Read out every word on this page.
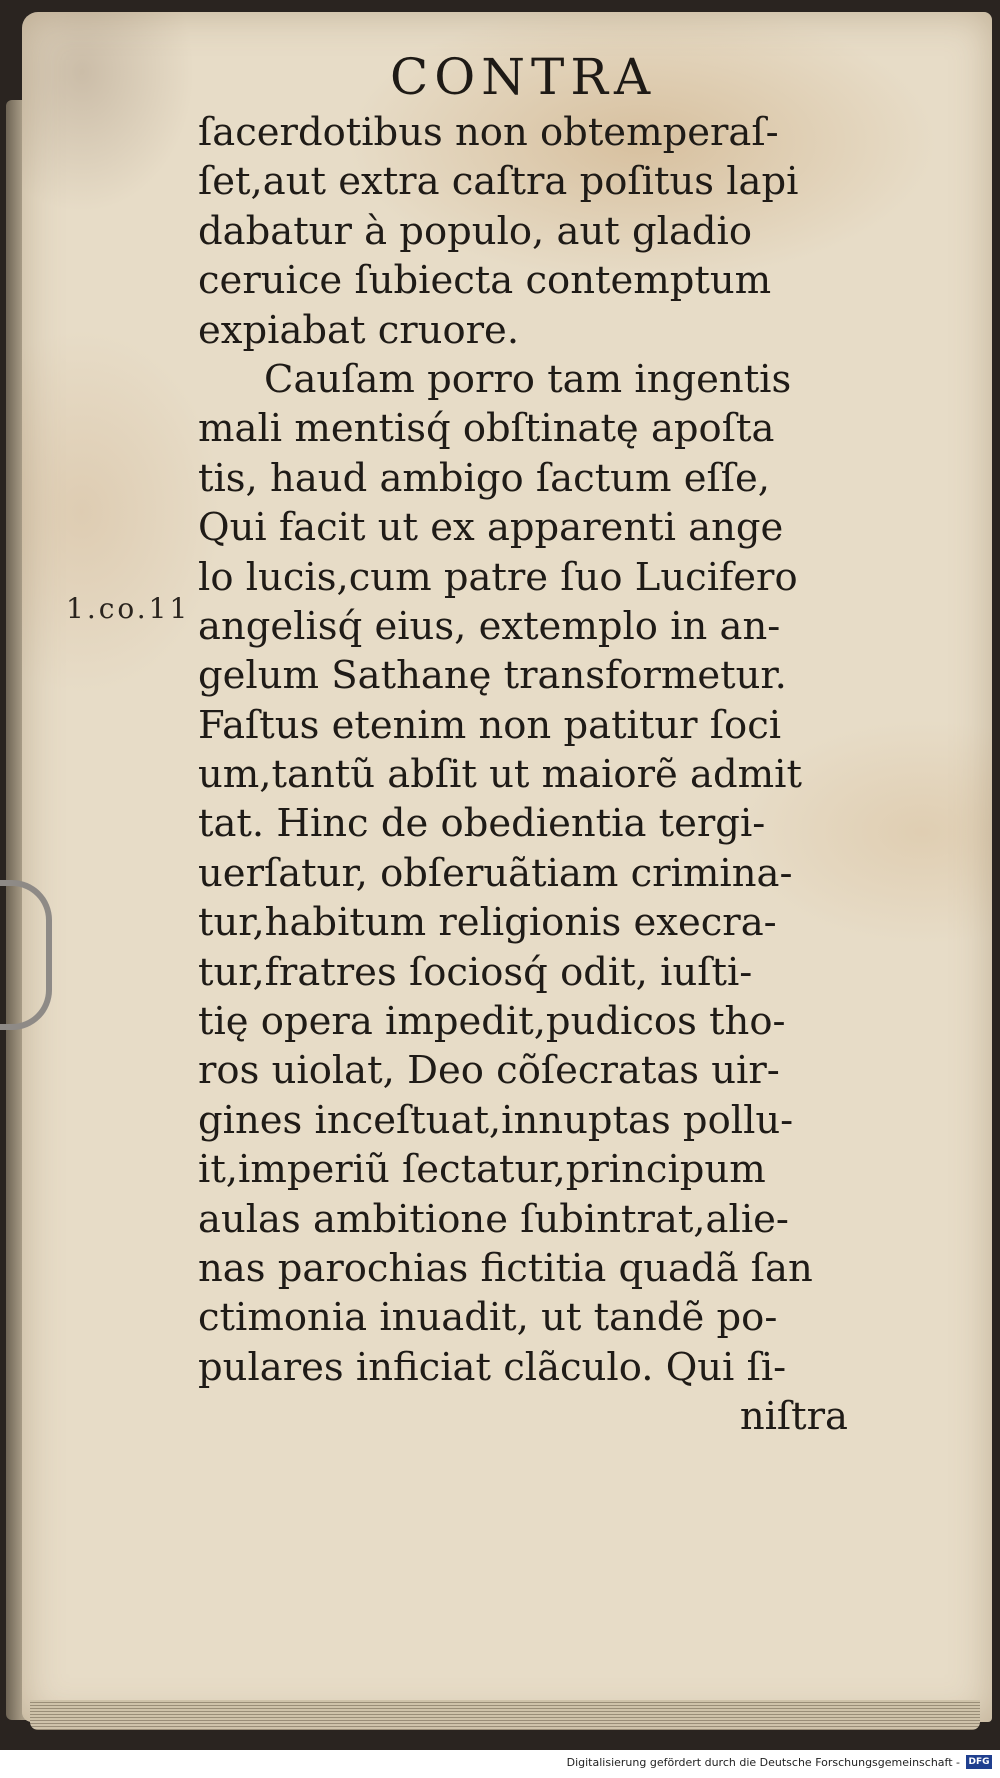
CONTRA
1.co.11
ſacerdotibus non obtemperaſ-
ſet,aut extra caſtra poſitus lapi
dabatur à populo, aut gladio
ceruice ſubiecta contemptum
expiabat cruore.
Cauſam porro tam ingentis
mali mentisq́ obſtinatę apoſta
tis, haud ambigo ſactum eſſe,
Qui facit ut ex apparenti ange
lo lucis,cum patre ſuo Lucifero
angelisq́ eius, extemplo in an-
gelum Sathanę transformetur.
Faſtus etenim non patitur ſoci
um,tantũ abſit ut maiorẽ admit
tat. Hinc de obedientia tergi-
uerſatur, obſeruãtiam crimina-
tur,habitum religionis execra-
tur,fratres ſociosq́ odit, iuſti-
tię opera impedit,pudicos tho-
ros uiolat, Deo cõſecratas uir-
gines inceſtuat,innuptas pollu-
it,imperiũ ſectatur,principum
aulas ambitione ſubintrat,alie-
nas parochias fictitia quadã ſan
ctimonia inuadit, ut tandẽ po-
pulares inficiat clãculo. Qui ſi-
niſtra
Digitalisierung gefördert durch die Deutsche Forschungsgemeinschaft - DFG
